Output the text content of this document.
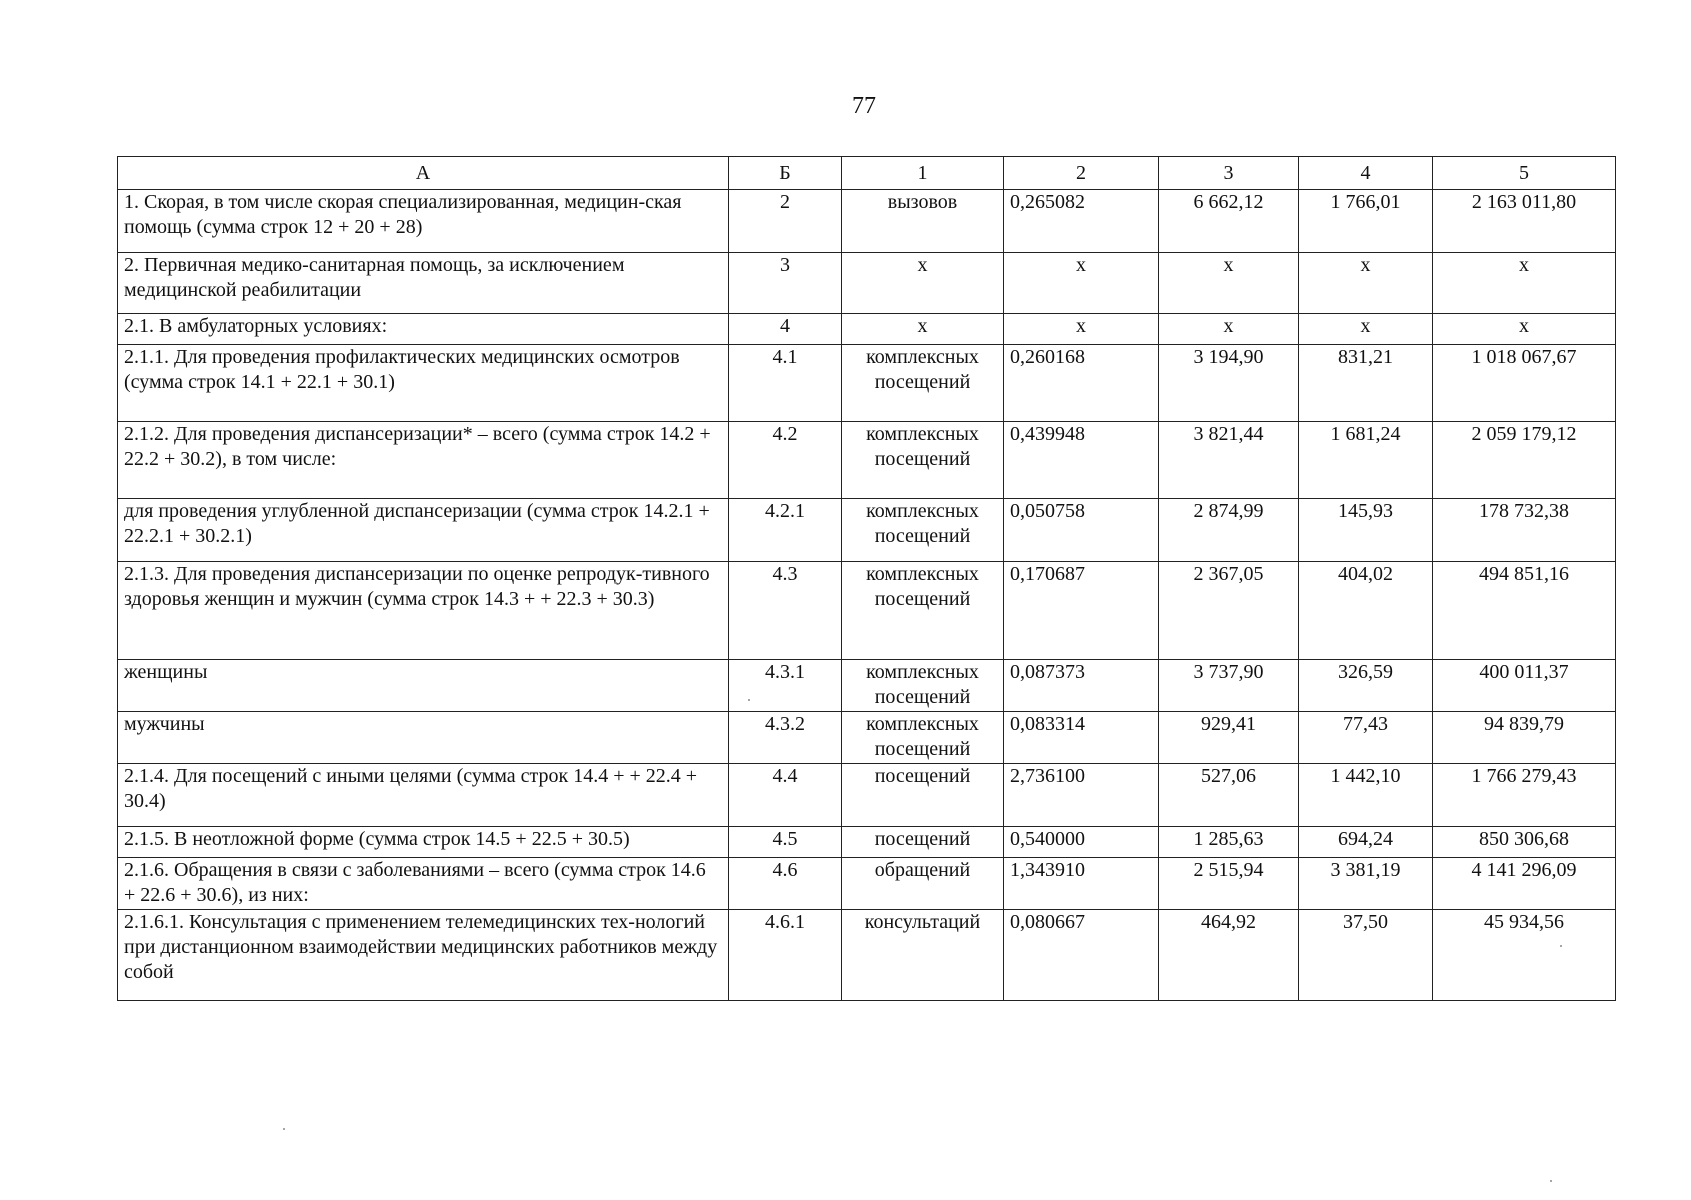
77
А	Б	1	2	3	4	5
1. Скорая, в том числе скорая специализированная, медицин-ская помощь (сумма строк 12 + 20 + 28)	2	вызовов	0,265082	6 662,12	1 766,01	2 163 011,80
2. Первичная медико-санитарная помощь, за исключением медицинской реабилитации	3	х	х	х	х	х
2.1. В амбулаторных условиях:	4	х	х	х	х	х
2.1.1. Для проведения профилактических медицинских осмотров (сумма строк 14.1 + 22.1 + 30.1)	4.1	комплексных посещений	0,260168	3 194,90	831,21	1 018 067,67
2.1.2. Для проведения диспансеризации* – всего (сумма строк 14.2 + 22.2 + 30.2), в том числе:	4.2	комплексных посещений	0,439948	3 821,44	1 681,24	2 059 179,12
для проведения углубленной диспансеризации (сумма строк 14.2.1 + 22.2.1 + 30.2.1)	4.2.1	комплексных посещений	0,050758	2 874,99	145,93	178 732,38
2.1.3. Для проведения диспансеризации по оценке репродук-тивного здоровья женщин и мужчин (сумма строк 14.3 + + 22.3 + 30.3)	4.3	комплексных посещений	0,170687	2 367,05	404,02	494 851,16
женщины	4.3.1	комплексных посещений	0,087373	3 737,90	326,59	400 011,37
мужчины	4.3.2	комплексных посещений	0,083314	929,41	77,43	94 839,79
2.1.4. Для посещений с иными целями (сумма строк 14.4 + + 22.4 + 30.4)	4.4	посещений	2,736100	527,06	1 442,10	1 766 279,43
2.1.5. В неотложной форме (сумма строк 14.5 + 22.5 + 30.5)	4.5	посещений	0,540000	1 285,63	694,24	850 306,68
2.1.6. Обращения в связи с заболеваниями – всего (сумма строк 14.6 + 22.6 + 30.6), из них:	4.6	обращений	1,343910	2 515,94	3 381,19	4 141 296,09
2.1.6.1. Консультация с применением телемедицинских тех-нологий при дистанционном взаимодействии медицинских работников между собой	4.6.1	консультаций	0,080667	464,92	37,50	45 934,56
